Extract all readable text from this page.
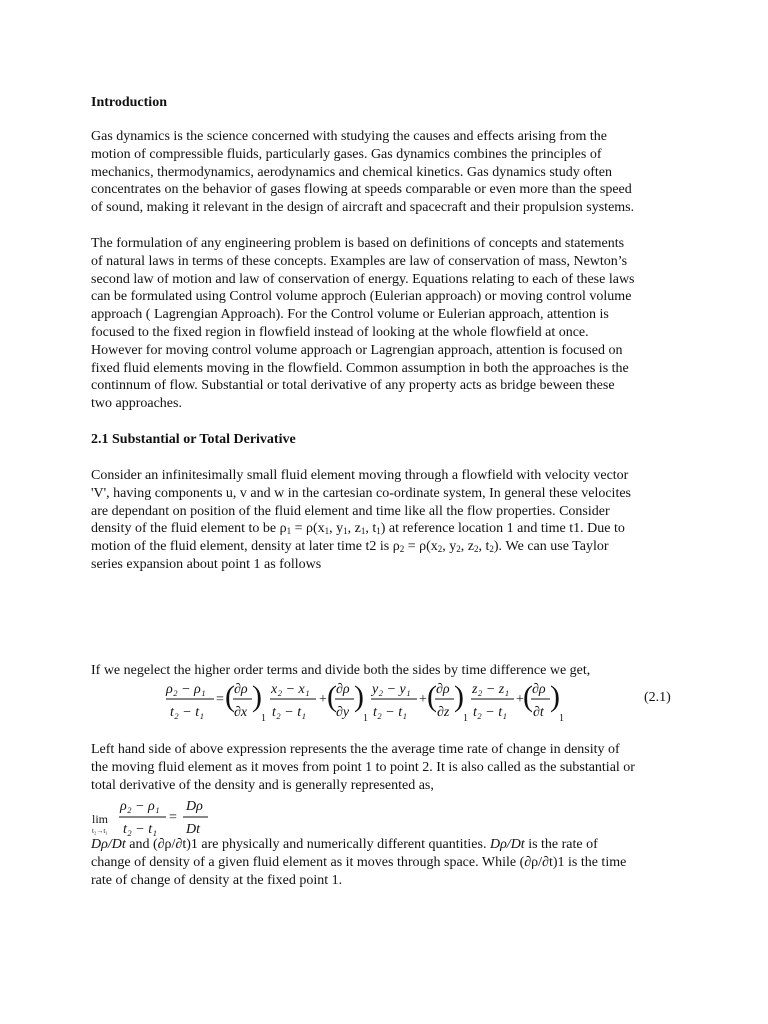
Introduction

Gas dynamics is the science concerned with studying the causes and effects arising from the
motion of compressible fluids, particularly gases. Gas dynamics combines the principles of
mechanics, thermodynamics, aerodynamics and chemical kinetics. Gas dynamics study often
concentrates on the behavior of gases flowing at speeds comparable or even more than the speed
of sound, making it relevant in the design of aircraft and spacecraft and their propulsion systems.
The formulation of any engineering problem is based on definitions of concepts and statements
of natural laws in terms of these concepts. Examples are law of conservation of mass, Newton’s
second law of motion and law of conservation of energy. Equations relating to each of these laws
can be formulated using Control volume approch (Eulerian approach) or moving control volume
approach ( Lagrengian Approach). For the Control volume or Eulerian approach, attention is
focused to the fixed region in flowfield instead of looking at the whole flowfield at once.
However for moving control volume approach or Lagrengian approach, attention is focused on
fixed fluid elements moving in the flowfield. Common assumption in both the approaches is the
continnum of flow. Substantial or total derivative of any property acts as bridge beween these
two approaches.

2.1 Substantial or Total Derivative

Consider an infinitesimally small fluid element moving through a flowfield with velocity vector
'V', having components u, v and w in the cartesian co-ordinate system, In general these velocites
are dependant on position of the fluid element and time like all the flow properties. Consider
density of the fluid element to be $\rho_1 = \rho(x_1$, $y_1$, $z_1$, $t_1$) at reference location 1 and time t1. Due to
motion of the fluid element, density at later time t2 is $\rho_2 = \rho(x_2$, $y_2$, $z_2$, $t_2$). We can use Taylor
series expansion about point 1 as follows
If we negelect the higher order terms and divide both the sides by time difference we get,
ρ₂ − ρ₁
t₂ − t₁
= ( ∂ρ
∂x )
1
x₂ − x₁
t₂ − t₁
+ ( ∂ρ
∂y )
1
y₂ − y₁
t₂ − t₁
+ ( ∂ρ
∂z )
1
z₂ − z₁
t₂ − t₁
+ ( ∂ρ
∂t )
1
(2.1)
Left hand side of above expression represents the the average time rate of change in density of
the moving fluid element as it moves from point 1 to point 2. It is also called as the substantial or
total derivative of the density and is generally represented as,
lim
t₂→t₁
ρ₂ − ρ₁
t₂ − t₁
=
Dρ
Dt
Dρ/Dt and (∂ρ/∂t)1 are physically and numerically different quantities. Dρ/Dt is the rate of
change of density of a given fluid element as it moves through space. While (∂ρ/∂t)1 is the time
rate of change of density at the fixed point 1.
